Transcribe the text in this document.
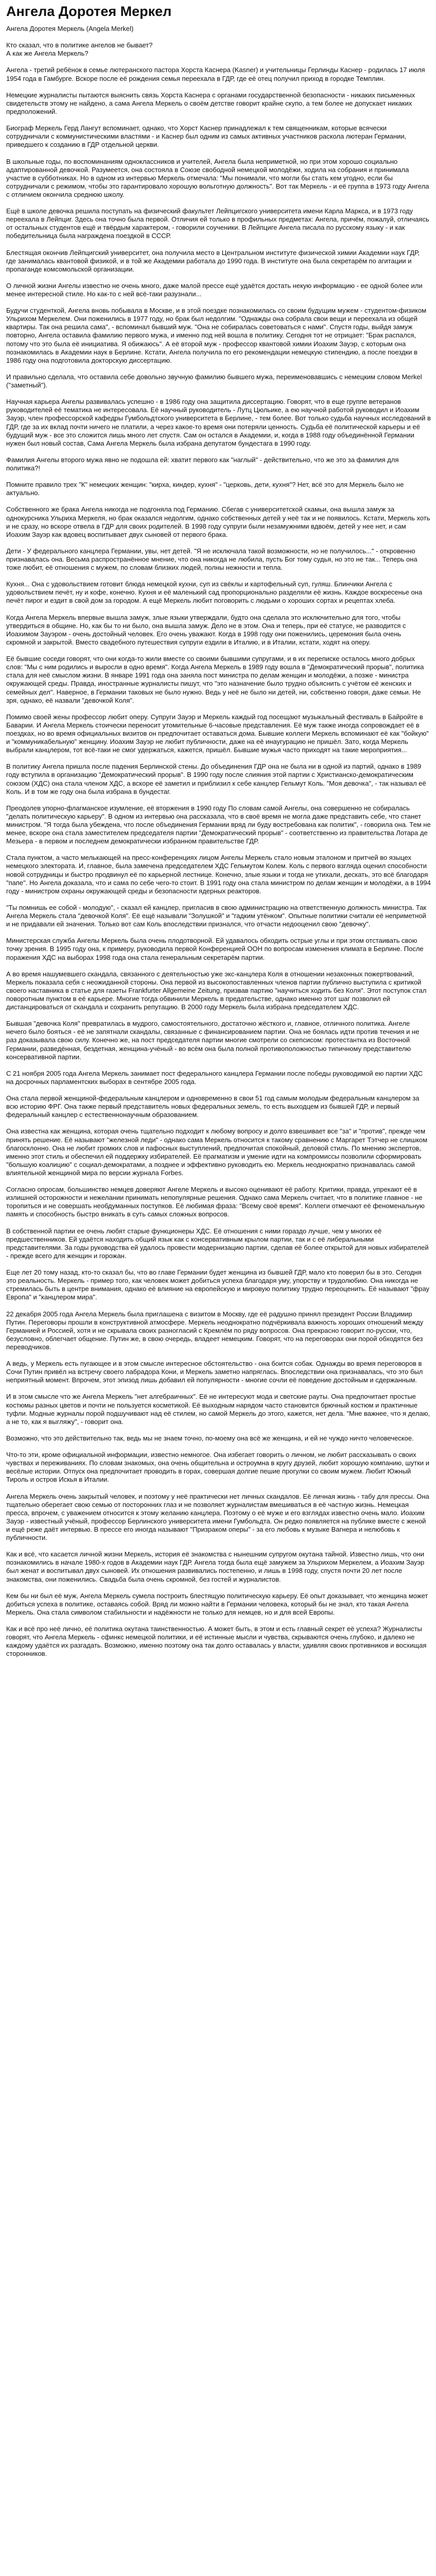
Ангела Доротея Меркел

Ангела Доротея Меркель (Angela Merkel)

Кто сказал, что в политике ангелов не бывает?
А как же Ангела Меркель?

Ангела - третий ребёнок в семье лютеранского пастора Хорста Каснера (Kasner) и учительницы Герлинды Каснер - родилась 17 июля 1954 года в Гамбурге. Вскоре после её рождения семья переехала в ГДР, где её отец получил приход в городке Темплин.

Немецкие журналисты пытаются выяснить связь Хорста Каснера с органами государственной безопасности - никаких письменных свидетельств этому не найдено, а сама Ангела Меркель о своём детстве говорит крайне скупо, а тем более не допускает никаких предположений.

Биограф Меркель Герд Лангут вспоминает, однако, что Хорст Каснер принадлежал к тем священникам, которые всячески сотрудничали с коммунистическими властями - и Каснер был одним из самых активных участников раскола лютеран Германии, приведшего к созданию в ГДР отдельной церкви.

В школьные годы, по воспоминаниям одноклассников и учителей, Ангела была неприметной, но при этом хорошо социально адаптированной девочкой. Разумеется, она состояла в Союзе свободной немецкой молодёжи, ходила на собрания и принимала участие в субботниках. Но в одном из интервью Меркель отмечала: "Мы понимали, что могли бы стать кем угодно, если бы сотрудничали с режимом, чтобы это гарантировало хорошую вольготную должность". Вот так Меркель - и её группа в 1973 году Ангела с отличием окончила среднюю школу.

Ещё в школе девочка решила поступать на физический факультет Лейпцигского университета имени Карла Маркса, и в 1973 году переехала в Лейпциг. Здесь она точно была первой. Отличия ей только в профильных предметах: Ангела, причём, пожалуй, отличаясь от остальных студентов ещё и твёрдым характером, - говорили соученики. В Лейпциге Ангела писала по русскому языку - и как победительница была награждена поездкой в СССР.

Блестящая окончив Лейпцигский университет, она получила место в Центральном институте физической химии Академии наук ГДР, где занималась квантовой физикой, и в той же Академии работала до 1990 года. В институте она была секретарём по агитации и пропаганде комсомольской организации.

О личной жизни Ангелы известно не очень много, даже малой прессе ещё удаётся достать некую информацию - ее одной более или менее интересной стиле. Но как-то с ней всё-таки разузнали...

Будучи студенткой, Ангела вновь побывала в Москве, и в этой поездке познакомилась со своим будущим мужем - студентом-физиком Ульрихом Меркелем. Они поженились в 1977 году, но брак был недолгим. "Однажды она собрала свои вещи и переехала из общей квартиры. Так она решила сама", - вспоминал бывший муж. "Она не собиралась советоваться с нами". Спустя годы, выйдя замуж повторно, Ангела оставила фамилию первого мужа, и именно под ней вошла в политику. Сегодня тот не отрицает: "Брак распался, потому что это была её инициатива. Я обижаюсь". А её второй муж - профессор квантовой химии Иоахим Зауэр, с которым она познакомилась в Академии наук в Берлине. Кстати, Ангела получила по его рекомендации немецкую стипендию, а после поездки в 1986 году она подготовила докторскую диссертацию.

И правильно сделала, что оставила себе довольно звучную фамилию бывшего мужа, переименовавшись с немецким словом Merkel ("заметный").

Научная карьера Ангелы развивалась успешно - в 1986 году она защитила диссертацию. Говорят, что в еще группе ветеранов руководителей её тематика не интересовала. Её научный руководитель - Лутц Цюльике, а ею научной работой руководил и Иоахим Зауэр, член профессорской кафедры Гумбольдтского университета в Берлине, - тем более. Вот только судьба научных исследований в ГДР, где за их вклад почти ничего не платили, а через какое-то время они потеряли ценность. Судьба её политической карьеры и её будущий муж - все это сложится лишь много лет спустя. Сам он остался в Академии, и, когда в 1988 году объединённой Германии нужен был новый состав, Сама Ангела Меркель была избрана депутатом бундестага в 1990 году.

Фамилия Ангелы второго мужа явно не подошла ей: хватит первого как "наглый" - действительно, что же это за фамилия для политика?!

Помните правило трех "К" немецких женщин: "кирха, киндер, кухня" - "церковь, дети, кухня"? Нет, всё это для Меркель было не актуально.

Собственного же брака Ангела никогда не подгоняла под Германию. Сбегав с университетской скамьи, она вышла замуж за однокурсника Ульриха Меркеля, но брак оказался недолгим, однако собственных детей у неё так и не появилось. Кстати, Меркель хоть и не сразу, но вскоре отвела в ГДР для своих родителей. В 1998 году супруги были незамужними вдвоём, детей у нее нет, и сам Иоахим Зауэр как вдовец воспитывает двух сыновей от первого брака.

Дети - У федерального канцлера Германии, увы, нет детей. "Я не исключала такой возможности, но не получилось..." - откровенно признавалась она. Весьма распространённое мнение, что она никогда не любила, пусть Бог тому судья, но это не так... Теперь она тоже любит, её отношения с мужем, по словам близких людей, полны нежности и тепла.

Кухня... Она с удовольствием готовит блюда немецкой кухни, суп из свёклы и картофельный суп, гуляш. Блинчики Ангела с удовольствием печёт, ну и кофе, конечно. Кухня и её маленький сад пропорционально разделяли её жизнь. Каждое воскресенье она печёт пирог и ездит в свой дом за городом. А ещё Меркель любит поговорить с людьми о хороших сортах и рецептах хлеба.

Когда Ангела Меркель впервые вышла замуж, злые языки утверждали, будто она сделала это исключительно для того, чтобы утвердиться в общине. Но, как бы то ни было, она вышла замуж. Дело не в этом. Она и теперь, при её статусе, не разводится с Иоахимом Зауэром - очень достойный человек. Его очень уважают. Когда в 1998 году они поженились, церемония была очень скромной и закрытой. Вместо свадебного путешествия супруги ездили в Италию, и в Италии, кстати, ходят на оперу.

Её бывшие соседи говорят, что они когда-то жили вместе со своими бывшими супругами, и в их переписке осталось много добрых слов: "Мы с ним родились и выросли в одно время". Когда Ангела Меркель в 1989 году вошла в "Демократический прорыв", политика стала для неё смыслом жизни. В январе 1991 года она заняла пост министра по делам женщин и молодёжи, а позже - министра окружающей среды. Правда, иностранные журналисты пишут, что "это назначение было трудно объяснить с учётом её женских и семейных дел". Наверное, в Германии таковых не было нужно. Ведь у неё не было ни детей, ни, собственно говоря, даже семьи. Не зря, однако, её назвали "девочкой Коля".

Помимо своей жены профессор любит оперу. Супруги Зауэр и Меркель каждый год посещают музыкальный фестиваль в Байройте в Баварии. И Ангела Меркель стоически переносит утомительные 6-часовые представления. Её муж также иногда сопровождает её в поездках, но во время официальных визитов он предпочитает оставаться дома. Бывшие коллеги Меркель вспоминают её как "бойкую" и "коммуникабельную" женщину. Иоахим Зауэр не любит публичности, даже на её инаугурацию не пришёл. Зато, когда Меркель выбрали канцлером, тот всё-таки не смог удержаться, кажется, пришёл. Бывшие мужья часто приходят на такие мероприятия...

В политику Ангела пришла после падения Берлинской стены. До объединения ГДР она не была ни в одной из партий, однако в 1989 году вступила в организацию "Демократический прорыв". В 1990 году после слияния этой партии с Христианско-демократическим союзом (ХДС) она стала членом ХДС, а вскоре её заметил и приблизил к себе канцлер Гельмут Коль. "Моя девочка", - так называл её Коль. И в том же году она была избрана в бундестаг.

Преодолев упорно-флагманское изумление, её вторжения в 1990 году По словам самой Ангелы, она совершенно не собиралась "делать политическую карьеру". В одном из интервью она рассказала, что в своё время не могла даже представить себе, что станет министром. "Я тогда была убеждена, что после объединения Германии вряд ли буду востребована как политик", - говорила она. Тем не менее, вскоре она стала заместителем председателя партии "Демократический прорыв" - соответственно из правительства Лотара де Мезьера - в первом и последнем демократически избранном правительстве ГДР.

Стала пунктом, а часто мелькающей на пресс-конференциях лицом Ангелы Меркель стало новым эталоном и притчей во языцех немецкого электората. И, главное, была замечена председателем ХДС Гельмутом Колем. Коль с первого взгляда оценил способности новой сотрудницы и быстро продвинул её по карьерной лестнице. Конечно, злые языки и тогда не утихали, дескать, это всё благодаря "папе". Но Ангела доказала, что и сама по себе чего-то стоит. В 1991 году она стала министром по делам женщин и молодёжи, а в 1994 году - министром охраны окружающей среды и безопасности ядерных реакторов.

"Ты помнишь ее собой - молодую", - сказал ей канцлер, пригласив в свою администрацию на ответственную должность министра. Так Ангела Меркель стала "девочкой Коля". Её ещё называли "Золушкой" и "гадким утёнком". Опытные политики считали её неприметной и не придавали ей значения. Только вот сам Коль впоследствии признался, что отчасти недооценил свою "девочку".

Министерская служба Ангелы Меркель была очень плодотворной. Ей удавалось обходить острые углы и при этом отстаивать свою точку зрения. В 1995 году она, к примеру, руководила первой Конференцией ООН по вопросам изменения климата в Берлине. После поражения ХДС на выборах 1998 года она стала генеральным секретарём партии.

А во время нашумевшего скандала, связанного с деятельностью уже экс-канцлера Коля в отношении незаконных пожертвований, Меркель показала себя с неожиданной стороны. Она первой из высокопоставленных членов партии публично выступила с критикой своего наставника в статье для газеты Frankfurter Allgemeine Zeitung, призвав партию "научиться ходить без Коля". Этот поступок стал поворотным пунктом в её карьере. Многие тогда обвинили Меркель в предательстве, однако именно этот шаг позволил ей дистанцироваться от скандала и сохранить репутацию. В 2000 году Меркель была избрана председателем ХДС.

Бывшая "девочка Коля" превратилась в мудрого, самостоятельного, достаточно жёсткого и, главное, отличного политика. Ангеле нечего было бояться - её не запятнали скандалы, связанные с финансированием партии. Она не боялась идти против течения и не раз доказывала свою силу. Конечно же, на пост председателя партии многие смотрели со скепсисом: протестантка из Восточной Германии, разведённая, бездетная, женщина-учёный - во всём она была полной противоположностью типичному представителю консервативной партии.

С 21 ноября 2005 года Ангела Меркель занимает пост федерального канцлера Германии после победы руководимой ею партии ХДС на досрочных парламентских выборах в сентябре 2005 года.

Она стала первой женщиной-федеральным канцлером и одновременно в свои 51 год самым молодым федеральным канцлером за всю историю ФРГ. Она также первый представитель новых федеральных земель, то есть выходцем из бывшей ГДР, и первый федеральный канцлер с естественнонаучным образованием.

Она известна как женщина, которая очень тщательно подходит к любому вопросу и долго взвешивает все "за" и "против", прежде чем принять решение. Её называют "железной леди" - однако сама Меркель относится к такому сравнению с Маргарет Тэтчер не слишком благосклонно. Она не любит громких слов и пафосных выступлений, предпочитая спокойный, деловой стиль. По мнению экспертов, именно этот стиль и обеспечил ей поддержку избирателей. Её прагматизм и умение идти на компромиссы позволили сформировать "большую коалицию" с социал-демократами, а позднее и эффективно руководить ею. Меркель неоднократно признавалась самой влиятельной женщиной мира по версии журнала Forbes.

Согласно опросам, большинство немцев доверяют Ангеле Меркель и высоко оценивают её работу. Критики, правда, упрекают её в излишней осторожности и нежелании принимать непопулярные решения. Однако сама Меркель считает, что в политике главное - не торопиться и не совершать необдуманных поступков. Её любимая фраза: "Всему своё время". Коллеги отмечают её феноменальную память и способность быстро вникать в суть самых сложных вопросов.

В собственной партии ее очень любят старые функционеры ХДС. Её отношения с ними гораздо лучше, чем у многих её предшественников. Ей удаётся находить общий язык как с консервативным крылом партии, так и с её либеральными представителями. За годы руководства ей удалось провести модернизацию партии, сделав её более открытой для новых избирателей - прежде всего для женщин и горожан.

Еще лет 20 тому назад, кто-то сказал бы, что во главе Германии будет женщина из бывшей ГДР, мало кто поверил бы в это. Сегодня это реальность. Меркель - пример того, как человек может добиться успеха благодаря уму, упорству и трудолюбию. Она никогда не стремилась быть в центре внимания, однако её влияние на европейскую и мировую политику трудно переоценить. Её называют "фрау Европа" и "канцлером мира".

22 декабря 2005 года Ангела Меркель была приглашена с визитом в Москву, где её радушно принял президент России Владимир Путин. Переговоры прошли в конструктивной атмосфере. Меркель неоднократно подчёркивала важность хороших отношений между Германией и Россией, хотя и не скрывала своих разногласий с Кремлём по ряду вопросов. Она прекрасно говорит по-русски, что, безусловно, облегчает общение. Путин же, в свою очередь, владеет немецким. Говорят, что на переговорах они порой обходятся без переводчиков.

А ведь, у Меркель есть пугающее и в этом смысле интересное обстоятельство - она боится собак. Однажды во время переговоров в Сочи Путин привёл на встречу своего лабрадора Кони, и Меркель заметно напряглась. Впоследствии она признавалась, что это был неприятный момент. Впрочем, этот эпизод лишь добавил ей популярности - многие сочли её поведение достойным и сдержанным.

И в этом смысле что же Ангела Меркель "нет алгебраичных". Её не интересуют мода и светские рауты. Она предпочитает простые костюмы разных цветов и почти не пользуется косметикой. Её выходным нарядом часто становится брючный костюм и практичные туфли. Модные журналы порой подшучивают над её стилем, но самой Меркель до этого, кажется, нет дела. "Мне важнее, что я делаю, а не то, как я выгляжу", - говорит она.

Возможно, что это действительно так, ведь мы не знаем точно, по-моему она всё же женщина, и ей не чуждо ничто человеческое.

Что-то эти, кроме официальной информации, известно немногое. Она избегает говорить о личном, не любит рассказывать о своих чувствах и переживаниях. По словам знакомых, она очень общительна и остроумна в кругу друзей, любит хорошую компанию, шутки и весёлые истории. Отпуск она предпочитает проводить в горах, совершая долгие пешие прогулки со своим мужем. Любит Южный Тироль и остров Искья в Италии.

Ангела Меркель очень закрытый человек, и поэтому у неё практически нет личных скандалов. Её личная жизнь - табу для прессы. Она тщательно оберегает свою семью от посторонних глаз и не позволяет журналистам вмешиваться в её частную жизнь. Немецкая пресса, впрочем, с уважением относится к этому желанию канцлера. Поэтому о её муже и его взглядах известно очень мало. Иоахим Зауэр - известный учёный, профессор Берлинского университета имени Гумбольдта. Он редко появляется на публике вместе с женой и ещё реже даёт интервью. В прессе его иногда называют "Призраком оперы" - за его любовь к музыке Вагнера и нелюбовь к публичности.

Как и всё, что касается личной жизни Меркель, история её знакомства с нынешним супругом окутана тайной. Известно лишь, что они познакомились в начале 1980-х годов в Академии наук ГДР. Ангела тогда была ещё замужем за Ульрихом Меркелем, а Иоахим Зауэр был женат и воспитывал двух сыновей. Их отношения развивались постепенно, и лишь в 1998 году, спустя почти 20 лет после знакомства, они поженились. Свадьба была очень скромной, без гостей и журналистов.

Кем бы ни был её муж, Ангела Меркель сумела построить блестящую политическую карьеру. Её опыт доказывает, что женщина может добиться успеха в политике, оставаясь собой. Вряд ли можно найти в Германии человека, который бы не знал, кто такая Ангела Меркель. Она стала символом стабильности и надёжности не только для немцев, но и для всей Европы.

Как и всё про неё лично, её политика окутана таинственностью. А может быть, в этом и есть главный секрет её успеха? Журналисты говорят, что Ангела Меркель - сфинкс немецкой политики, и её истинные мысли и чувства, скрываются очень глубоко, и далеко не каждому удаётся их разгадать. Возможно, именно поэтому она так долго оставалась у власти, удивляя своих противников и восхищая сторонников.
